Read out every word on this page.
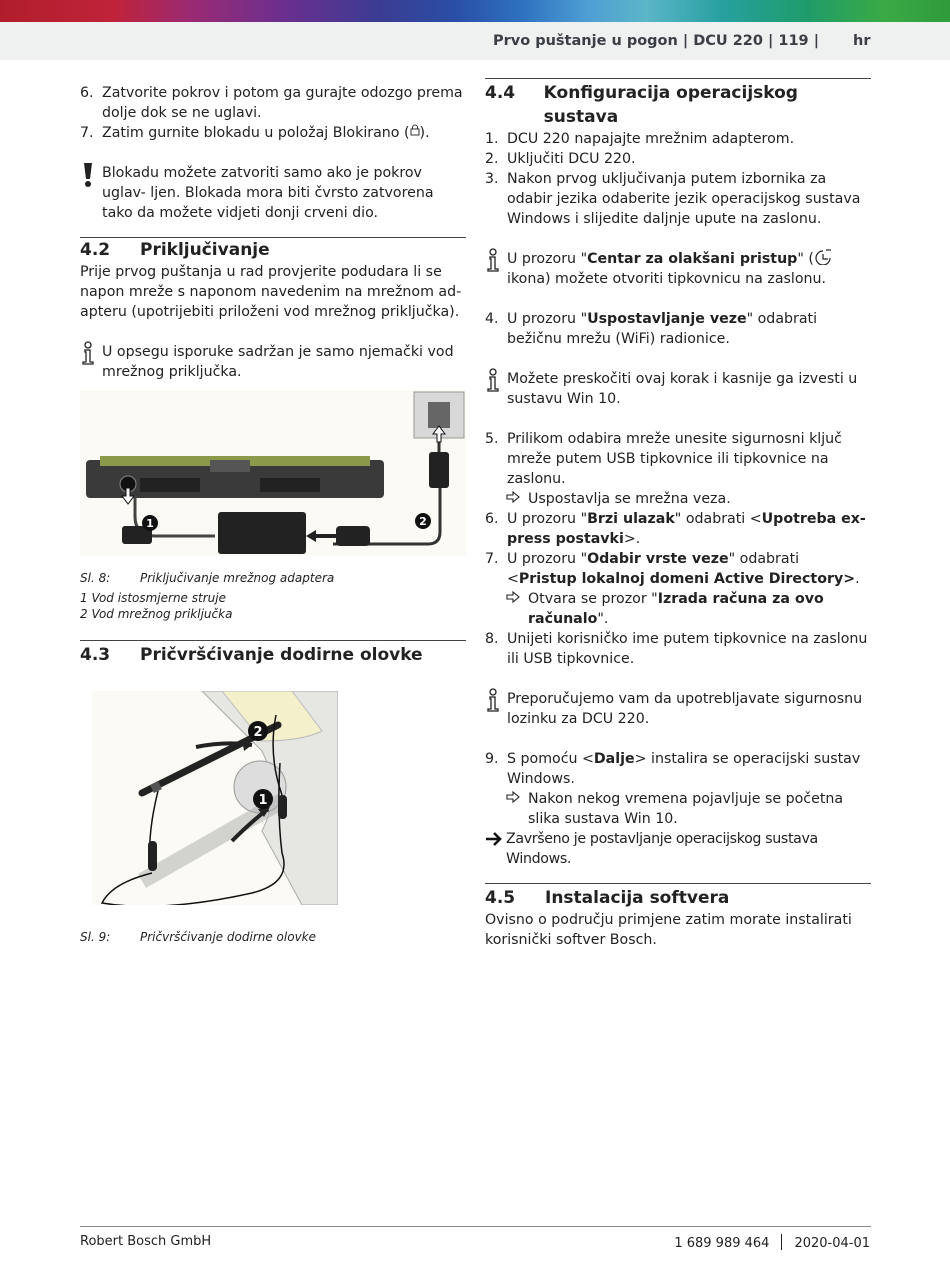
Prvo puštanje u pogon | DCU 220 | 119 | hr
6. Zatvorite pokrov i potom ga gurajte odozgo prema dolje dok se ne uglavi.
7. Zatim gurnite blokadu u položaj Blokirano ( ).
Blokadu možete zatvoriti samo ako je pokrov uglav- ljen. Blokada mora biti čvrsto zatvorena tako da možete vidjeti donji crveni dio.
4.2	Priključivanje
Prije prvog puštanja u rad provjerite podudara li se napon mreže s naponom navedenim na mrežnom ad- apteru (upotrijebiti priloženi vod mrežnog priključka).
U opsegu isporuke sadržan je samo njemački vod mrežnog priključka.
1	2
Sl. 8:	Priključivanje mrežnog adaptera
1 Vod istosmjerne struje
2 Vod mrežnog priključka
4.3	Pričvršćivanje dodirne olovke
2
1
Sl. 9:	Pričvršćivanje dodirne olovke
4.4	Konfiguracija operacijskog sustava
1. DCU 220 napajajte mrežnim adapterom.
2. Uključiti DCU 220.
3. Nakon prvog uključivanja putem izbornika za odabir jezika odaberite jezik operacijskog sustava Windows i slijedite daljnje upute na zaslonu.
U prozoru "Centar za olakšani pristup" ( ikona) možete otvoriti tipkovnicu na zaslonu.
4. U prozoru "Uspostavljanje veze" odabrati bežičnu mrežu (WiFi) radionice.
Možete preskočiti ovaj korak i kasnije ga izvesti u sustavu Win 10.
5. Prilikom odabira mreže unesite sigurnosni ključ mreže putem USB tipkovnice ili tipkovnice na zaslonu.
Uspostavlja se mrežna veza.
6. U prozoru "Brzi ulazak" odabrati <Upotreba ex- press postavki>.
7. U prozoru "Odabir vrste veze" odabrati <Pristup lokalnoj domeni Active Directory>.
Otvara se prozor "Izrada računa za ovo računalo".
8. Unijeti korisničko ime putem tipkovnice na zaslonu ili USB tipkovnice.
Preporučujemo vam da upotrebljavate sigurnosnu lozinku za DCU 220.
9. S pomoću <Dalje> instalira se operacijski sustav Windows.
Nakon nekog vremena pojavljuje se početna slika sustava Win 10.
Završeno je postavljanje operacijskog sustava Windows.
4.5	Instalacija softvera
Ovisno o području primjene zatim morate instalirati korisnički softver Bosch.
Robert Bosch GmbH	1 689 989 464 2020-04-01
